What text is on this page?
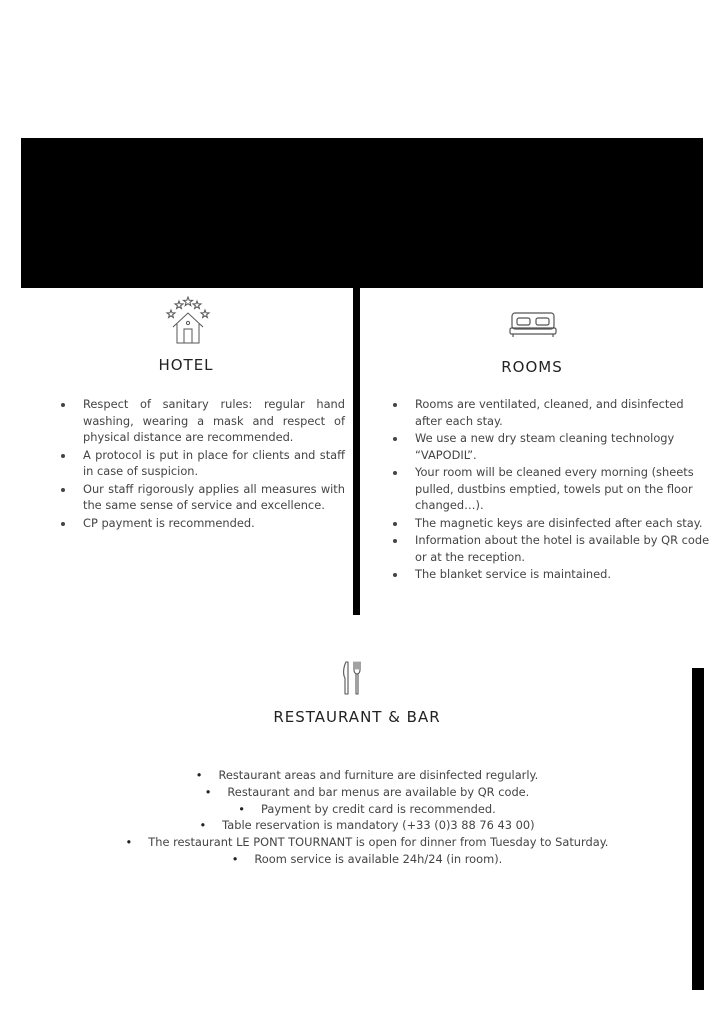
HOTEL
• Respect of sanitary rules: regular hand washing, wearing a mask and respect of physical distance are recommended.
• A protocol is put in place for clients and staff in case of suspicion.
• Our staff rigorously applies all measures with the same sense of service and excellence.
• CP payment is recommended.
ROOMS
• Rooms are ventilated, cleaned, and disinfected after each stay.
• We use a new dry steam cleaning technology “VAPODIL”.
• Your room will be cleaned every morning (sheets pulled, dustbins emptied, towels put on the floor changed…).
• The magnetic keys are disinfected after each stay.
• Information about the hotel is available by QR code or at the reception.
• The blanket service is maintained.
RESTAURANT & BAR
• Restaurant areas and furniture are disinfected regularly.
• Restaurant and bar menus are available by QR code.
• Payment by credit card is recommended.
• Table reservation is mandatory (+33 (0)3 88 76 43 00)
• The restaurant LE PONT TOURNANT is open for dinner from Tuesday to Saturday.
• Room service is available 24h/24 (in room).
